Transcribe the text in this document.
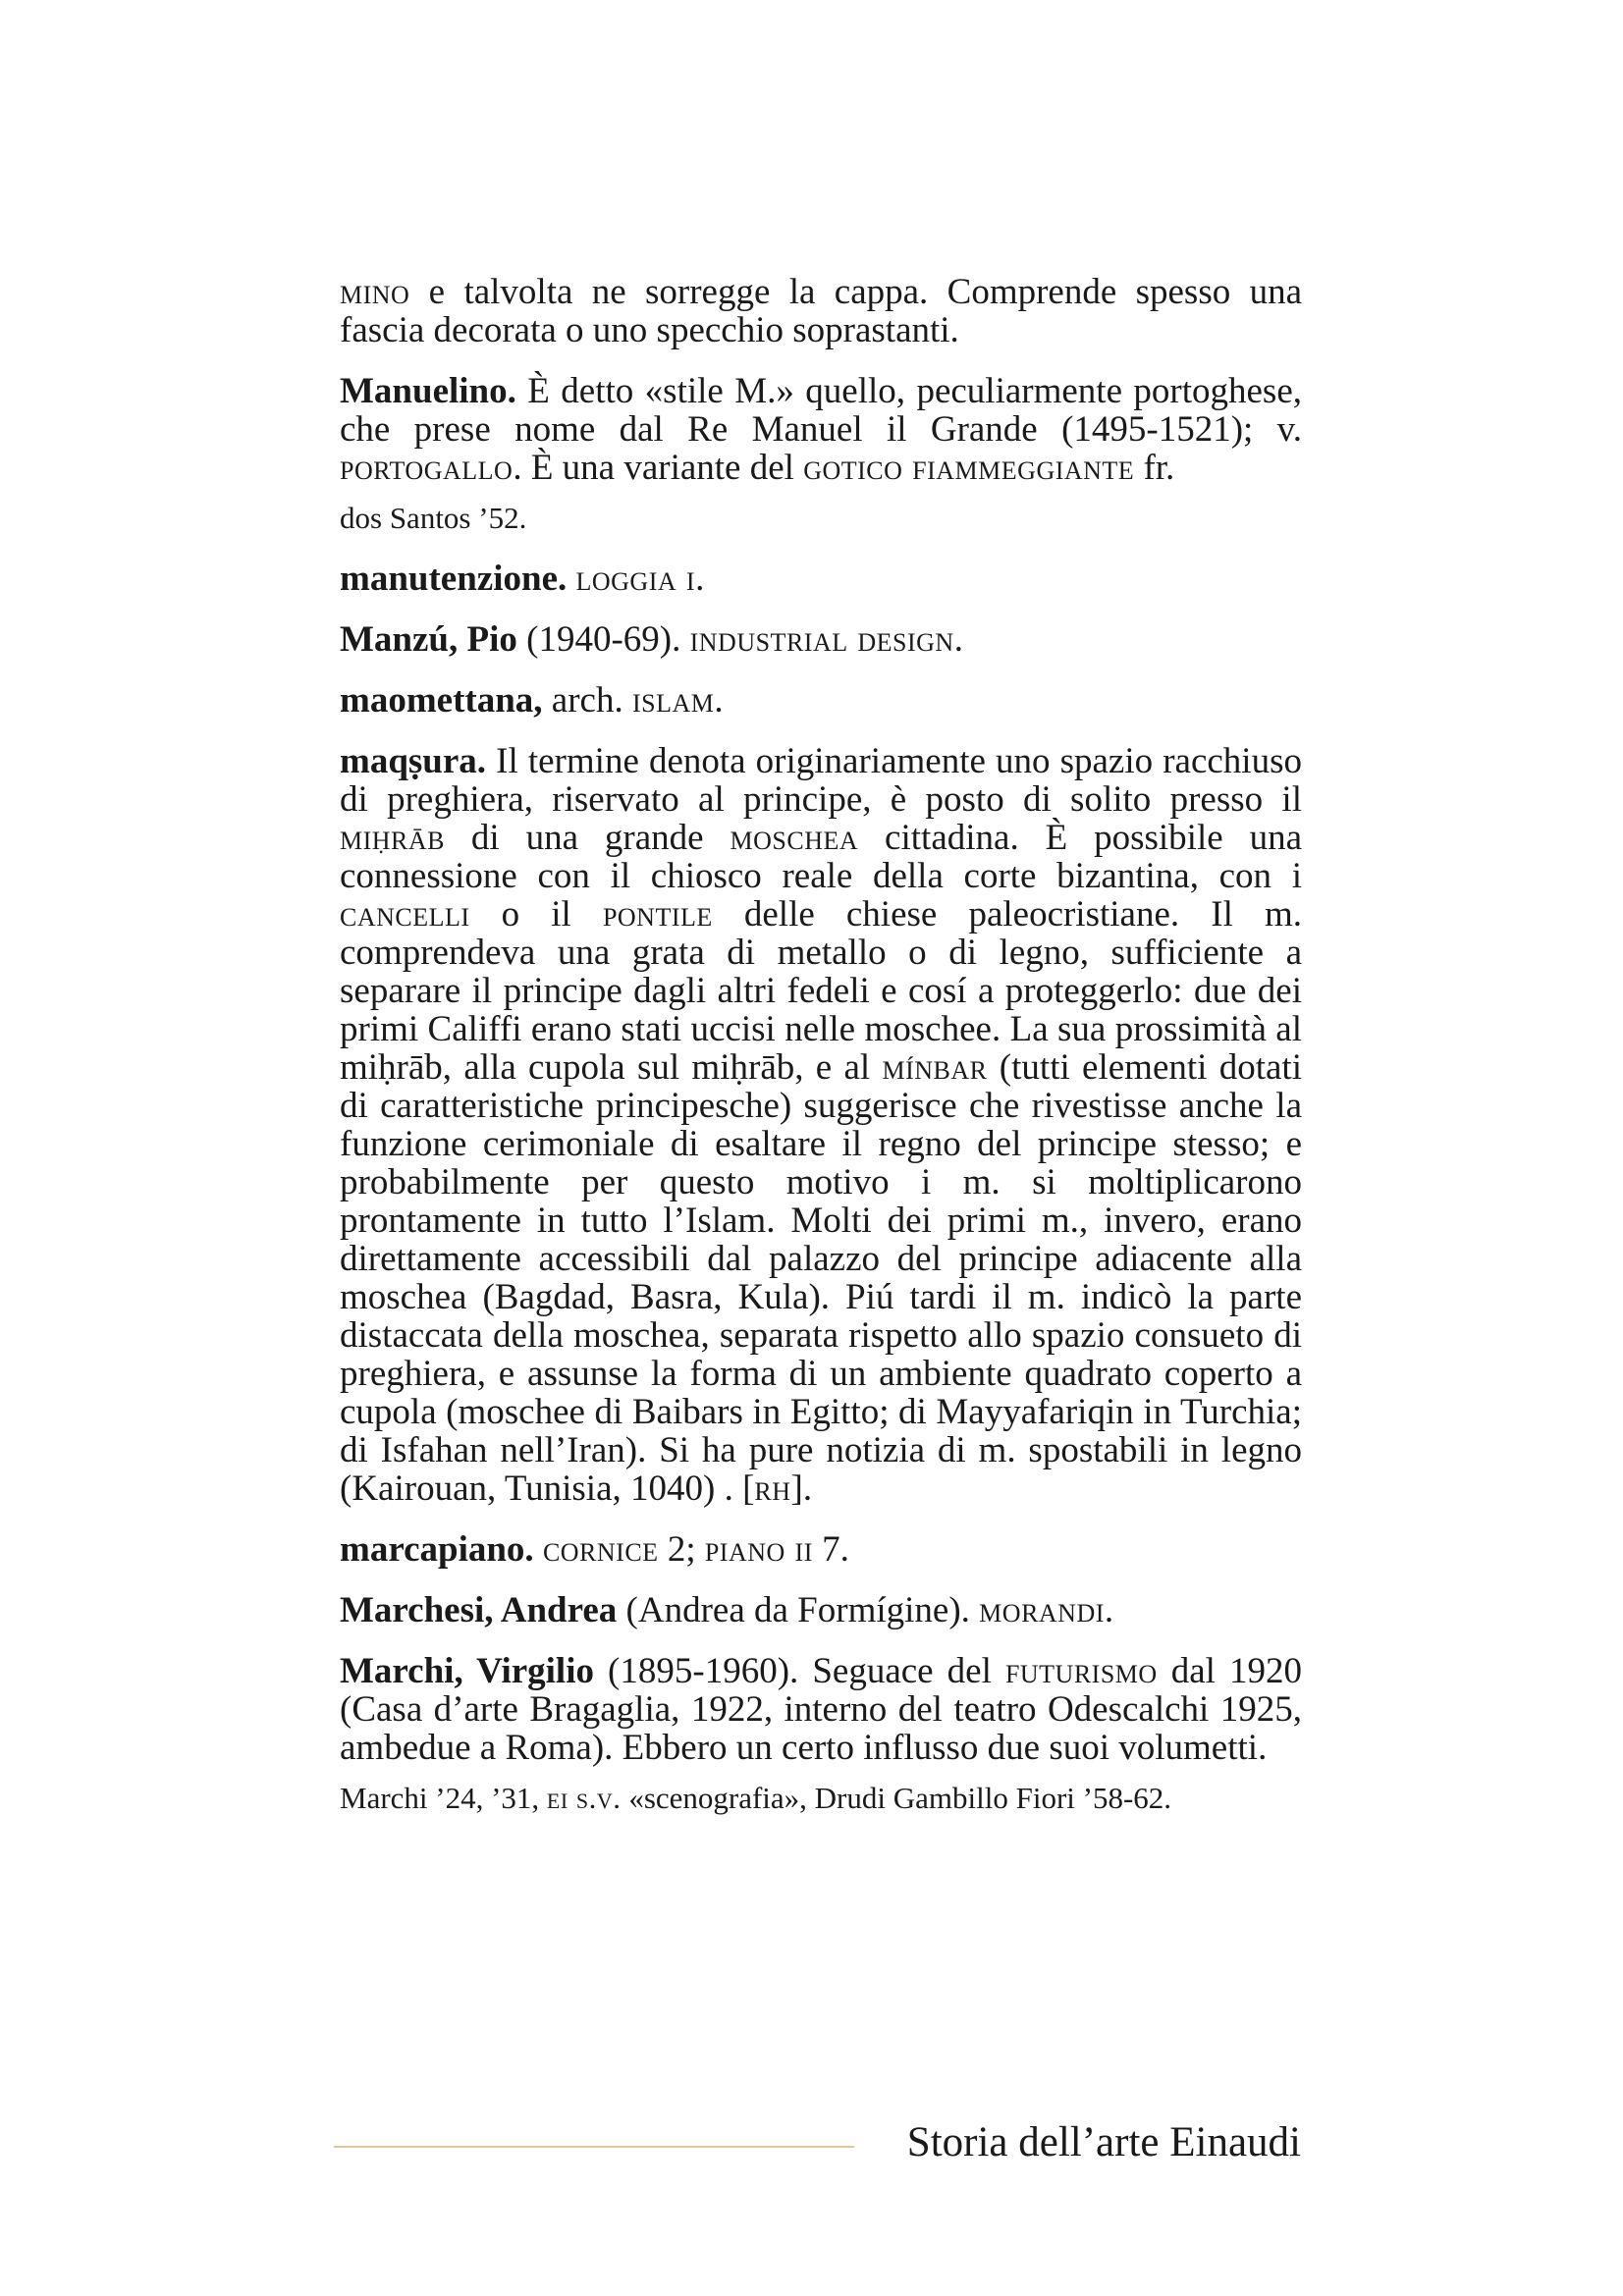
mino e talvolta ne sorregge la cappa. Comprende spesso una fascia decorata o uno specchio soprastanti.

Manuelino. È detto «stile M.» quello, peculiarmente portoghese, che prese nome dal Re Manuel il Grande (1495-1521); v. portogallo. È una variante del gotico fiammeggiante fr.

dos Santos ’52.

manutenzione. loggia i.

Manzú, Pio (1940-69). industrial design.

maomettana, arch. islam.

maqṣura. Il termine denota originariamente uno spazio racchiuso di preghiera, riservato al principe, è posto di solito presso il miḥrāb di una grande moschea cittadina. È possibile una connessione con il chiosco reale della corte bizantina, con i cancelli o il pontile delle chiese paleocristiane. Il m. comprendeva una grata di metallo o di legno, sufficiente a separare il principe dagli altri fedeli e cosí a proteggerlo: due dei primi Califfi erano stati uccisi nelle moschee. La sua prossimità al miḥrāb, alla cupola sul miḥrāb, e al mínbar (tutti elementi dotati di caratteristiche principesche) suggerisce che rivestisse anche la funzione cerimoniale di esaltare il regno del principe stesso; e probabilmente per questo motivo i m. si moltiplicarono prontamente in tutto l’Islam. Molti dei primi m., invero, erano direttamente accessibili dal palazzo del principe adiacente alla moschea (Bagdad, Basra, Kula). Piú tardi il m. indicò la parte distaccata della moschea, separata rispetto allo spazio consueto di preghiera, e assunse la forma di un ambiente quadrato coperto a cupola (moschee di Baibars in Egitto; di Mayyafariqin in Turchia; di Isfahan nell’Iran). Si ha pure notizia di m. spostabili in legno (Kairouan, Tunisia, 1040) . [rh].

marcapiano. cornice 2; piano ii 7.

Marchesi, Andrea (Andrea da Formígine). morandi.

Marchi, Virgilio (1895-1960). Seguace del futurismo dal 1920 (Casa d’arte Bragaglia, 1922, interno del teatro Odescalchi 1925, ambedue a Roma). Ebbero un certo influsso due suoi volumetti.

Marchi ’24, ’31, ei s.v. «scenografia», Drudi Gambillo Fiori ’58-62.

Storia dell’arte Einaudi
